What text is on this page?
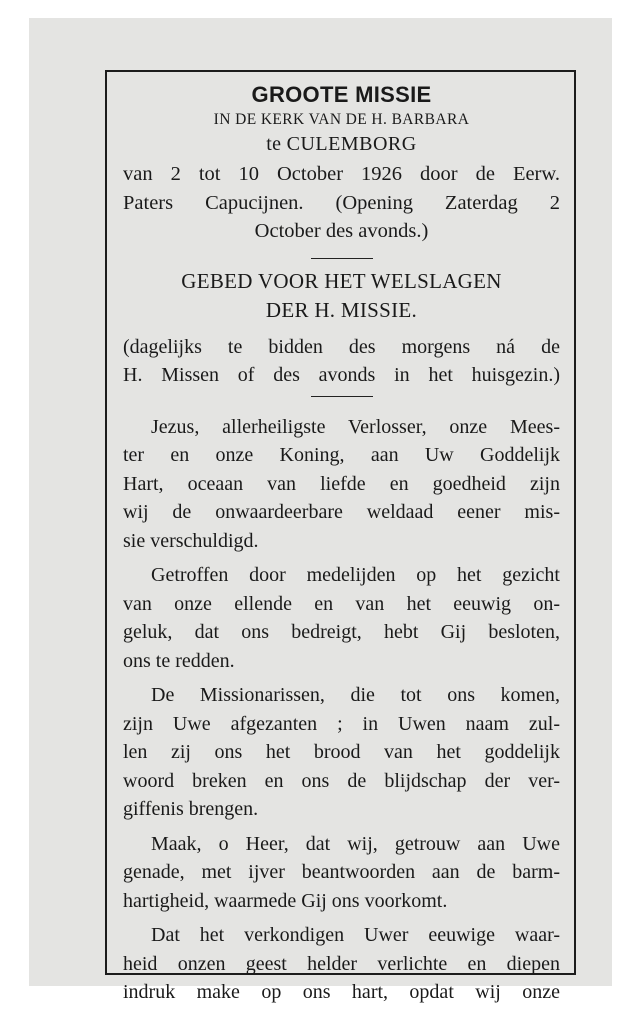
GROOTE MISSIE
IN DE KERK VAN DE H. BARBARA
te CULEMBORG
van 2 tot 10 October 1926 door de Eerw.
Paters Capucijnen. (Opening Zaterdag 2
October des avonds.)
GEBED VOOR HET WELSLAGEN
DER H. MISSIE.
(dagelijks te bidden des morgens ná de
H. Missen of des avonds in het huisgezin.)

Jezus, allerheiligste Verlosser, onze Mees-
ter en onze Koning, aan Uw Goddelijk
Hart, oceaan van liefde en goedheid zijn
wij de onwaardeerbare weldaad eener mis-
sie verschuldigd.

Getroffen door medelijden op het gezicht
van onze ellende en van het eeuwig on-
geluk, dat ons bedreigt, hebt Gij besloten,
ons te redden.

De Missionarissen, die tot ons komen,
zijn Uwe afgezanten ; in Uwen naam zul-
len zij ons het brood van het goddelijk
woord breken en ons de blijdschap der ver-
giffenis brengen.

Maak, o Heer, dat wij, getrouw aan Uwe
genade, met ijver beantwoorden aan de barm-
hartigheid, waarmede Gij ons voorkomt.

Dat het verkondigen Uwer eeuwige waar-
heid onzen geest helder verlichte en diepen
indruk make op ons hart, opdat wij onze
